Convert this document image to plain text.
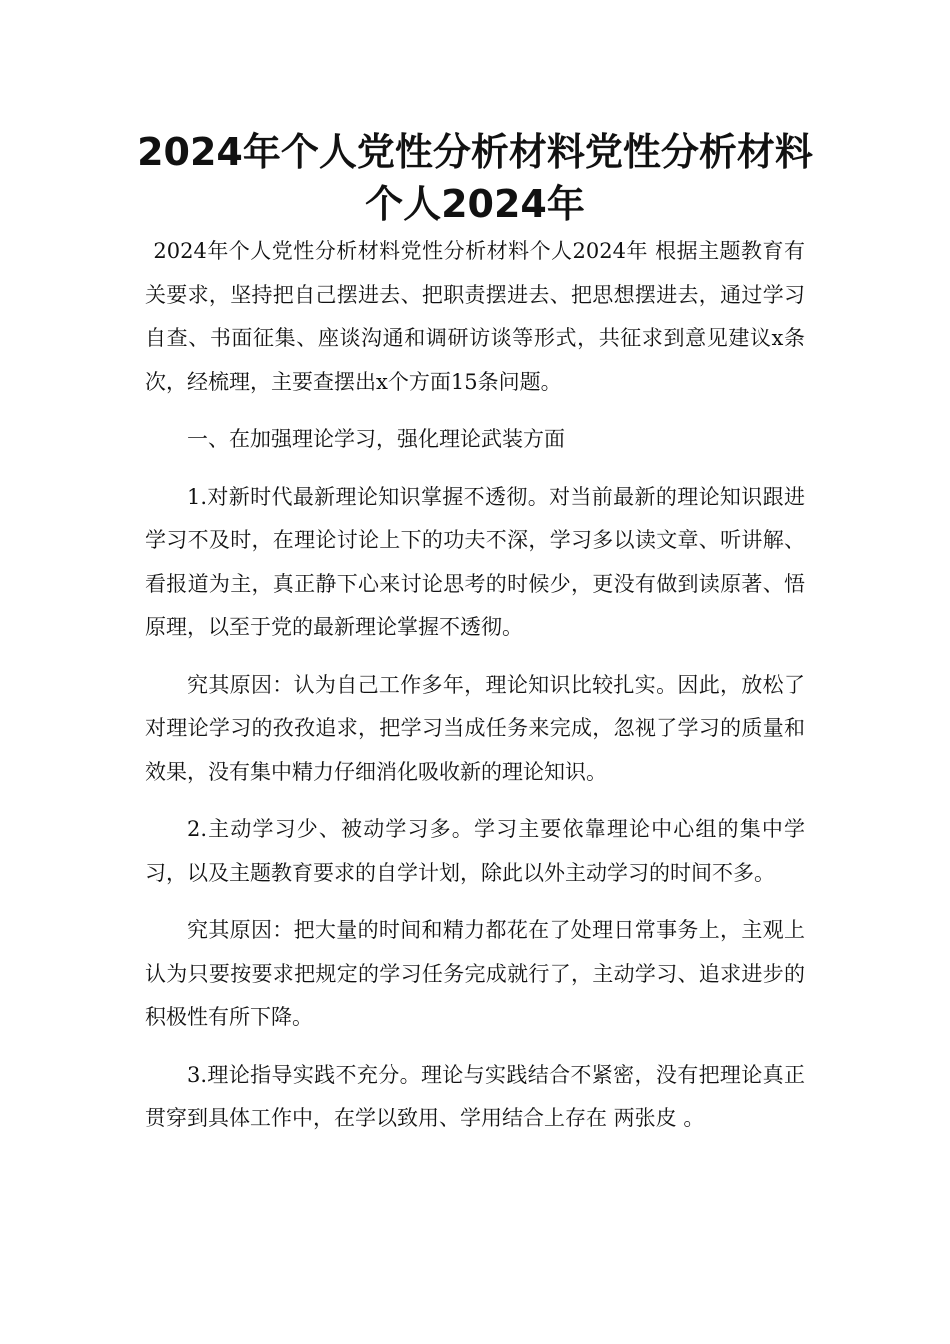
2024年个人党性分析材料党性分析材料个人2024年

2024年个人党性分析材料党性分析材料个人2024年 根据主题教育有关要求，坚持把自己摆进去、把职责摆进去、把思想摆进去，通过学习自查、书面征集、座谈沟通和调研访谈等形式，共征求到意见建议x条次，经梳理，主要查摆出x个方面15条问题。

一、在加强理论学习，强化理论武装方面

1.对新时代最新理论知识掌握不透彻。对当前最新的理论知识跟进学习不及时，在理论讨论上下的功夫不深，学习多以读文章、听讲解、看报道为主，真正静下心来讨论思考的时候少，更没有做到读原著、悟原理，以至于党的最新理论掌握不透彻。

究其原因：认为自己工作多年，理论知识比较扎实。因此，放松了对理论学习的孜孜追求，把学习当成任务来完成，忽视了学习的质量和效果，没有集中精力仔细消化吸收新的理论知识。

2.主动学习少、被动学习多。学习主要依靠理论中心组的集中学习，以及主题教育要求的自学计划，除此以外主动学习的时间不多。

究其原因：把大量的时间和精力都花在了处理日常事务上，主观上认为只要按要求把规定的学习任务完成就行了，主动学习、追求进步的积极性有所下降。

3.理论指导实践不充分。理论与实践结合不紧密，没有把理论真正贯穿到具体工作中，在学以致用、学用结合上存在 两张皮 。
